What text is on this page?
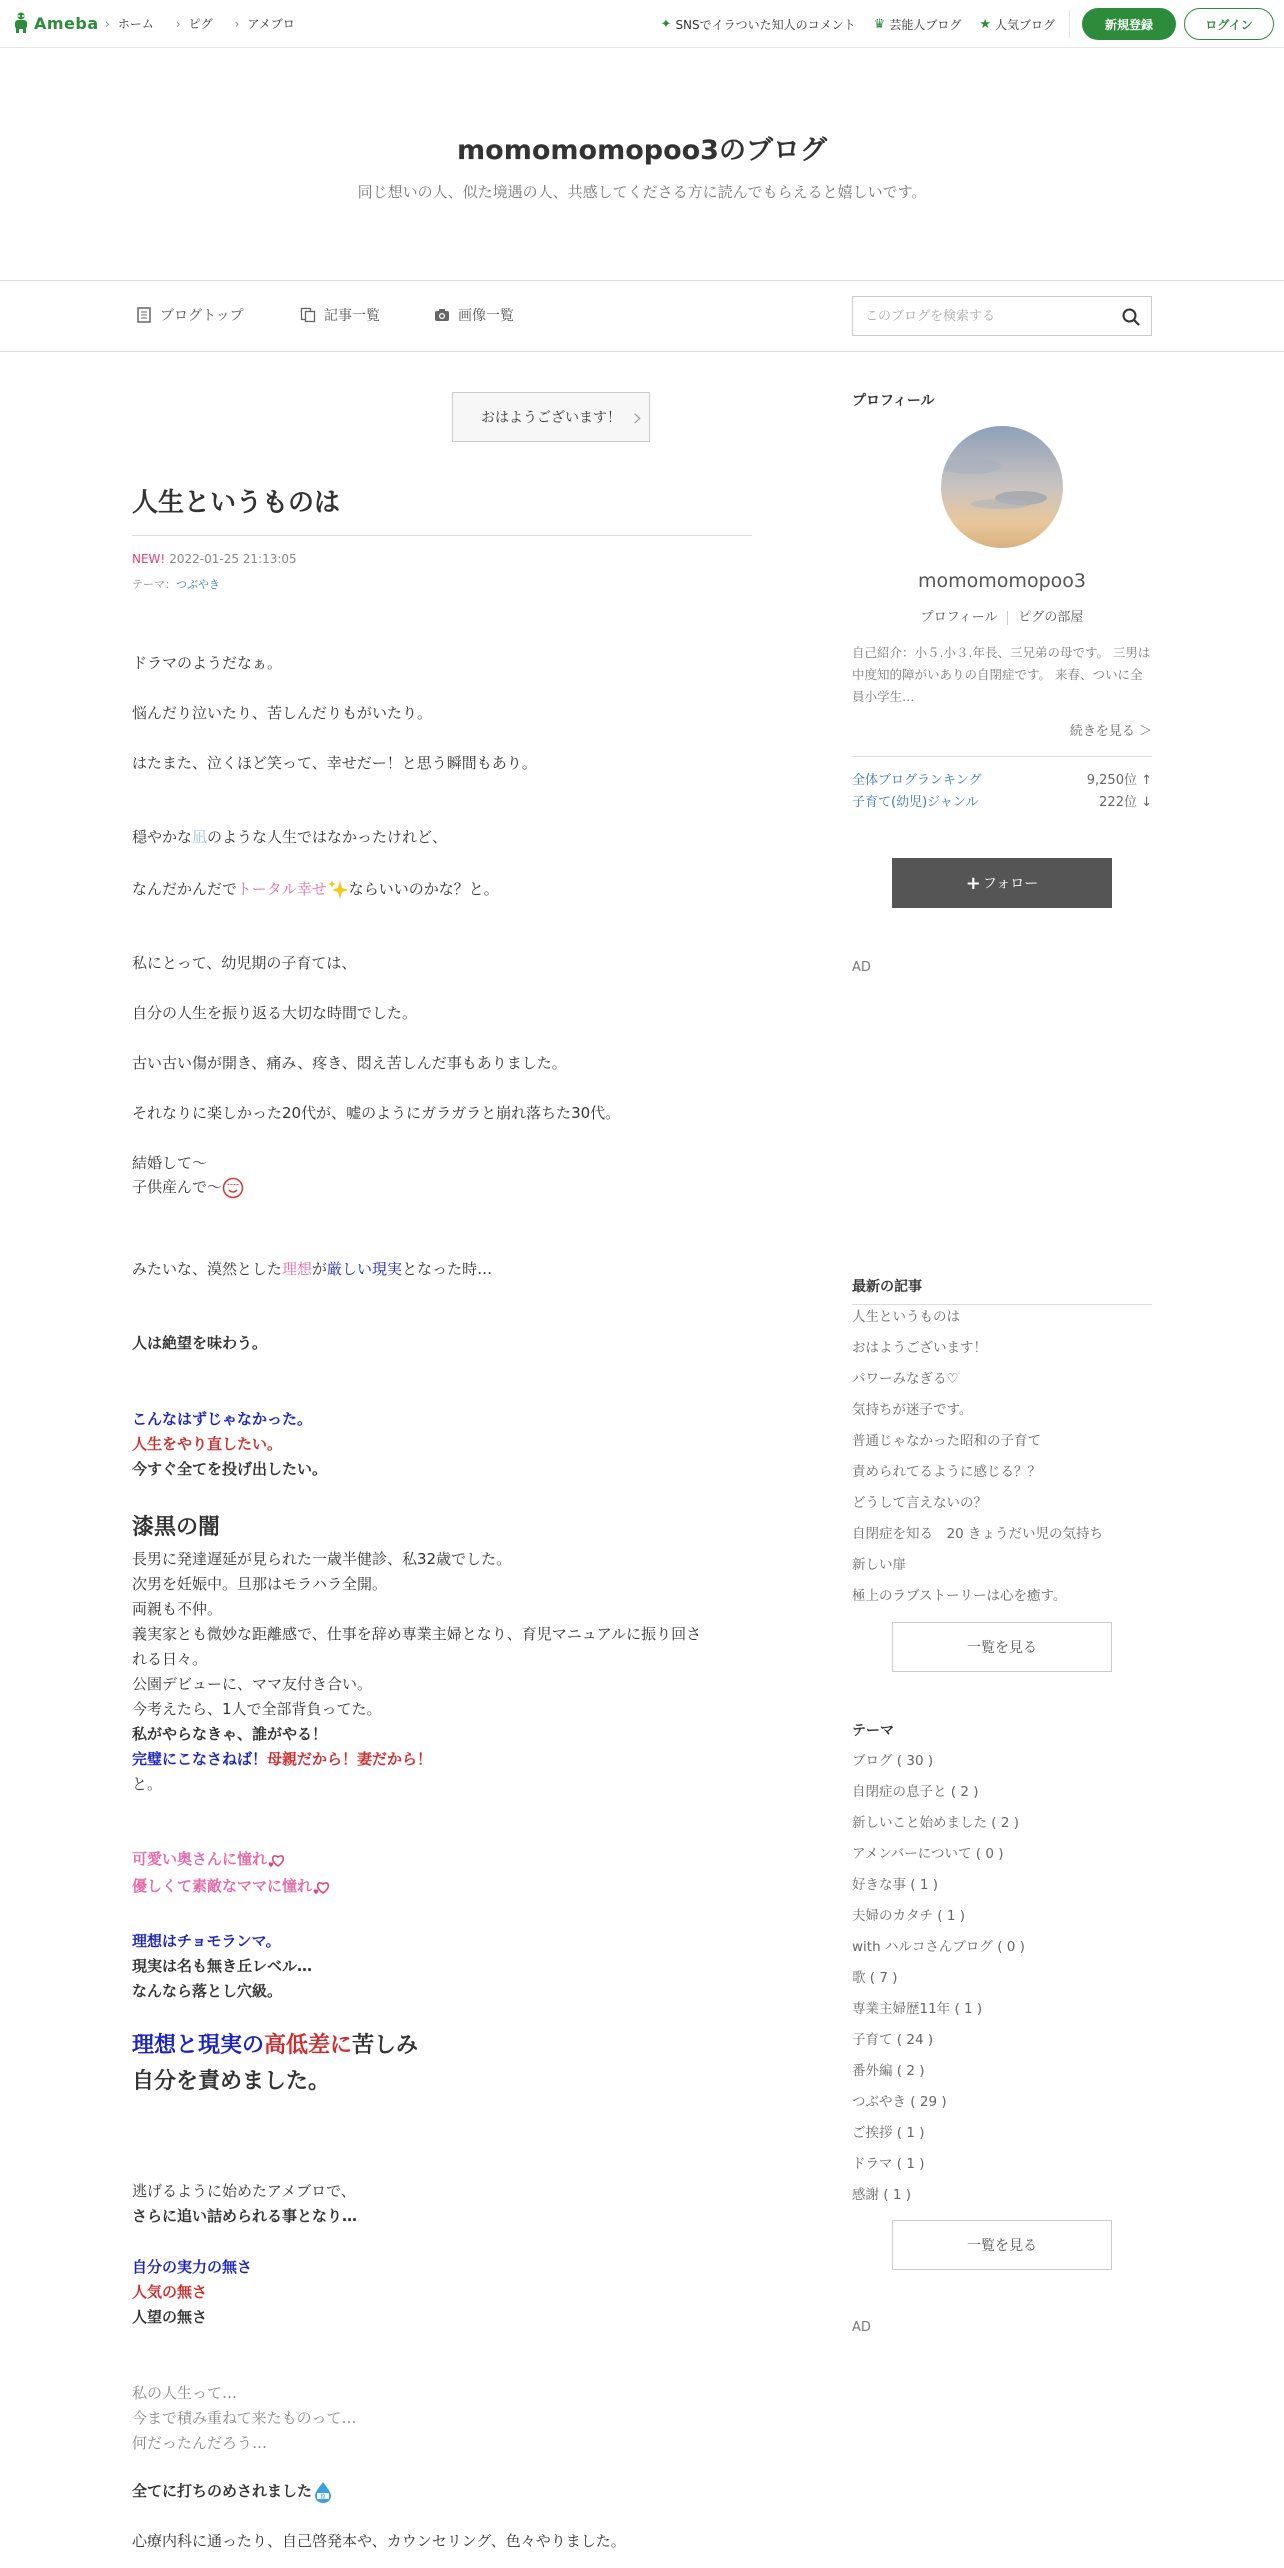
Ameba	› ホーム	› ピグ	› アメブロ	✦ SNSでイラついた知人のコメント ♛ 芸能人ブログ ★ 人気ブログ	新規登録	ログイン
momomomopoo3のブログ
同じ想いの人、似た境遇の人、共感してくださる方に読んでもらえると嬉しいです。
ブログトップ	記事一覧	画像一覧
このブログを検索する
おはようございます！ ›
人生というものは
NEW! 2022-01-25 21:13:05
テーマ：つぶやき
ドラマのようだなぁ。
悩んだり泣いたり、苦しんだりもがいたり。
はたまた、泣くほど笑って、幸せだー！と思う瞬間もあり。
穏やかな凪のような人生ではなかったけれど、
なんだかんだでトータル幸せ ならいいのかな？と。
私にとって、幼児期の子育ては、
自分の人生を振り返る大切な時間でした。
古い古い傷が開き、痛み、疼き、悶え苦しんだ事もありました。
それなりに楽しかった20代が、嘘のようにガラガラと崩れ落ちた30代。
結婚して〜
子供産んで〜
みたいな、漠然とした理想が厳しい現実となった時…
人は絶望を味わう。
こんなはずじゃなかった。
人生をやり直したい。
今すぐ全てを投げ出したい。
漆黒の闇
長男に発達遅延が見られた一歳半健診、私32歳でした。
次男を妊娠中。旦那はモラハラ全開。
両親も不仲。
義実家とも微妙な距離感で、仕事を辞め専業主婦となり、育児マニュアルに振り回さ
れる日々。
公園デビューに、ママ友付き合い。
今考えたら、1人で全部背負ってた。
私がやらなきゃ、誰がやる！
完璧にこなさねば！母親だから！妻だから！
と。
可愛い奥さんに憧れ
優しくて素敵なママに憧れ
理想はチョモランマ。
現実は名も無き丘レベル…
なんなら落とし穴級。
理想と現実の高低差に苦しみ
自分を責めました。
逃げるように始めたアメブロで、
さらに追い詰められる事となり…
自分の実力の無さ
人気の無さ
人望の無さ
私の人生って…
今まで積み重ねて来たものって…
何だったんだろう…
全てに打ちのめされました 泣
心療内科に通ったり、自己啓発本や、カウンセリング、色々やりました。
プロフィール
momomomopoo3
プロフィール ピグの部屋
自己紹介：小５.小３.年長、三兄弟の母です。 三男は中度知的障がいありの自閉症です。 来春、ついに全員小学生…
続きを見る ＞
全体ブログランキング	9,250位 ↑
子育て(幼児)ジャンル	222位 ↓
+ フォロー
AD
最新の記事
人生というものは
おはようございます！
パワーみなぎる♡
気持ちが迷子です。
普通じゃなかった昭和の子育て
責められてるように感じる？？
どうして言えないの？
自閉症を知る　20 きょうだい児の気持ち
新しい扉
極上のラブストーリーは心を癒す。
一覧を見る
テーマ
ブログ ( 30 )
自閉症の息子と ( 2 )
新しいこと始めました ( 2 )
アメンバーについて ( 0 )
好きな事 ( 1 )
夫婦のカタチ ( 1 )
with ハルコさんブログ ( 0 )
歌 ( 7 )
専業主婦歴11年 ( 1 )
子育て ( 24 )
番外編 ( 2 )
つぶやき ( 29 )
ご挨拶 ( 1 )
ドラマ ( 1 )
感謝 ( 1 )
一覧を見る
AD
